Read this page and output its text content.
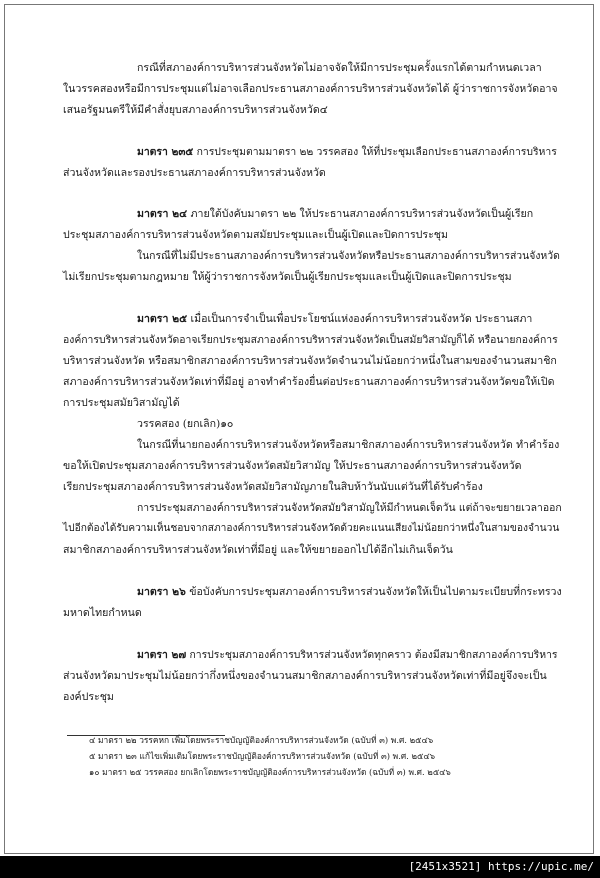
กรณีที่สภาองค์การบริหารส่วนจังหวัดไม่อาจจัดให้มีการประชุมครั้งแรกได้ตามกำหนดเวลา
ในวรรคสองหรือมีการประชุมแต่ไม่อาจเลือกประธานสภาองค์การบริหารส่วนจังหวัดได้ ผู้ว่าราชการจังหวัดอาจ
เสนอรัฐมนตรีให้มีคำสั่งยุบสภาองค์การบริหารส่วนจังหวัด๔
มาตรา ๒๓๕ การประชุมตามมาตรา ๒๒ วรรคสอง ให้ที่ประชุมเลือกประธานสภาองค์การบริหาร
ส่วนจังหวัดและรองประธานสภาองค์การบริหารส่วนจังหวัด
มาตรา ๒๔ ภายใต้บังคับมาตรา ๒๒ ให้ประธานสภาองค์การบริหารส่วนจังหวัดเป็นผู้เรียก
ประชุมสภาองค์การบริหารส่วนจังหวัดตามสมัยประชุมและเป็นผู้เปิดและปิดการประชุม
ในกรณีที่ไม่มีประธานสภาองค์การบริหารส่วนจังหวัดหรือประธานสภาองค์การบริหารส่วนจังหวัด
ไม่เรียกประชุมตามกฎหมาย ให้ผู้ว่าราชการจังหวัดเป็นผู้เรียกประชุมและเป็นผู้เปิดและปิดการประชุม
มาตรา ๒๕ เมื่อเป็นการจำเป็นเพื่อประโยชน์แห่งองค์การบริหารส่วนจังหวัด ประธานสภา
องค์การบริหารส่วนจังหวัดอาจเรียกประชุมสภาองค์การบริหารส่วนจังหวัดเป็นสมัยวิสามัญก็ได้ หรือนายกองค์การ
บริหารส่วนจังหวัด หรือสมาชิกสภาองค์การบริหารส่วนจังหวัดจำนวนไม่น้อยกว่าหนึ่งในสามของจำนวนสมาชิก
สภาองค์การบริหารส่วนจังหวัดเท่าที่มีอยู่ อาจทำคำร้องยื่นต่อประธานสภาองค์การบริหารส่วนจังหวัดขอให้เปิด
การประชุมสมัยวิสามัญได้
วรรคสอง (ยกเลิก)๑๐
ในกรณีที่นายกองค์การบริหารส่วนจังหวัดหรือสมาชิกสภาองค์การบริหารส่วนจังหวัด ทำคำร้อง
ขอให้เปิดประชุมสภาองค์การบริหารส่วนจังหวัดสมัยวิสามัญ ให้ประธานสภาองค์การบริหารส่วนจังหวัด
เรียกประชุมสภาองค์การบริหารส่วนจังหวัดสมัยวิสามัญภายในสิบห้าวันนับแต่วันที่ได้รับคำร้อง
การประชุมสภาองค์การบริหารส่วนจังหวัดสมัยวิสามัญให้มีกำหนดเจ็ดวัน แต่ถ้าจะขยายเวลาออก
ไปอีกต้องได้รับความเห็นชอบจากสภาองค์การบริหารส่วนจังหวัดด้วยคะแนนเสียงไม่น้อยกว่าหนึ่งในสามของจำนวน
สมาชิกสภาองค์การบริหารส่วนจังหวัดเท่าที่มีอยู่ และให้ขยายออกไปได้อีกไม่เกินเจ็ดวัน
มาตรา ๒๖ ข้อบังคับการประชุมสภาองค์การบริหารส่วนจังหวัดให้เป็นไปตามระเบียบที่กระทรวง
มหาดไทยกำหนด
มาตรา ๒๗ การประชุมสภาองค์การบริหารส่วนจังหวัดทุกคราว ต้องมีสมาชิกสภาองค์การบริหาร
ส่วนจังหวัดมาประชุมไม่น้อยกว่ากึ่งหนึ่งของจำนวนสมาชิกสภาองค์การบริหารส่วนจังหวัดเท่าที่มีอยู่จึงจะเป็น
องค์ประชุม
๔ มาตรา ๒๒ วรรคหก เพิ่มโดยพระราชบัญญัติองค์การบริหารส่วนจังหวัด (ฉบับที่ ๓) พ.ศ. ๒๕๔๖
๕ มาตรา ๒๓ แก้ไขเพิ่มเติมโดยพระราชบัญญัติองค์การบริหารส่วนจังหวัด (ฉบับที่ ๓) พ.ศ. ๒๕๔๖
๑๐ มาตรา ๒๕ วรรคสอง ยกเลิกโดยพระราชบัญญัติองค์การบริหารส่วนจังหวัด (ฉบับที่ ๓) พ.ศ. ๒๕๔๖
[2451x3521] https://upic.me/
